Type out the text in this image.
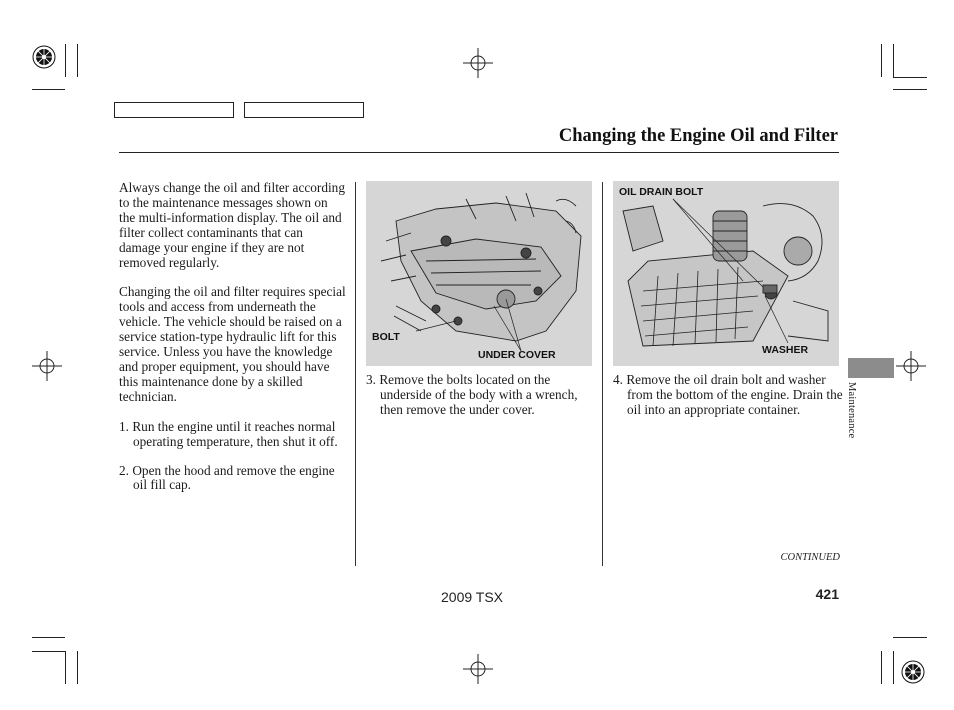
Changing the Engine Oil and Filter

Always change the oil and filter according to the maintenance messages shown on the multi-information display. The oil and filter collect contaminants that can damage your engine if they are not removed regularly.

Changing the oil and filter requires special tools and access from underneath the vehicle. The vehicle should be raised on a service station-type hydraulic lift for this service. Unless you have the knowledge and proper equipment, you should have this maintenance done by a skilled technician.

1. Run the engine until it reaches normal operating temperature, then shut it off.

2. Open the hood and remove the engine oil fill cap.

BOLT
UNDER COVER
3. Remove the bolts located on the underside of the body with a wrench, then remove the under cover.
OIL DRAIN BOLT
WASHER
4. Remove the oil drain bolt and washer from the bottom of the engine. Drain the oil into an appropriate container.	Maintenance
CONTINUED
2009 TSX	421
